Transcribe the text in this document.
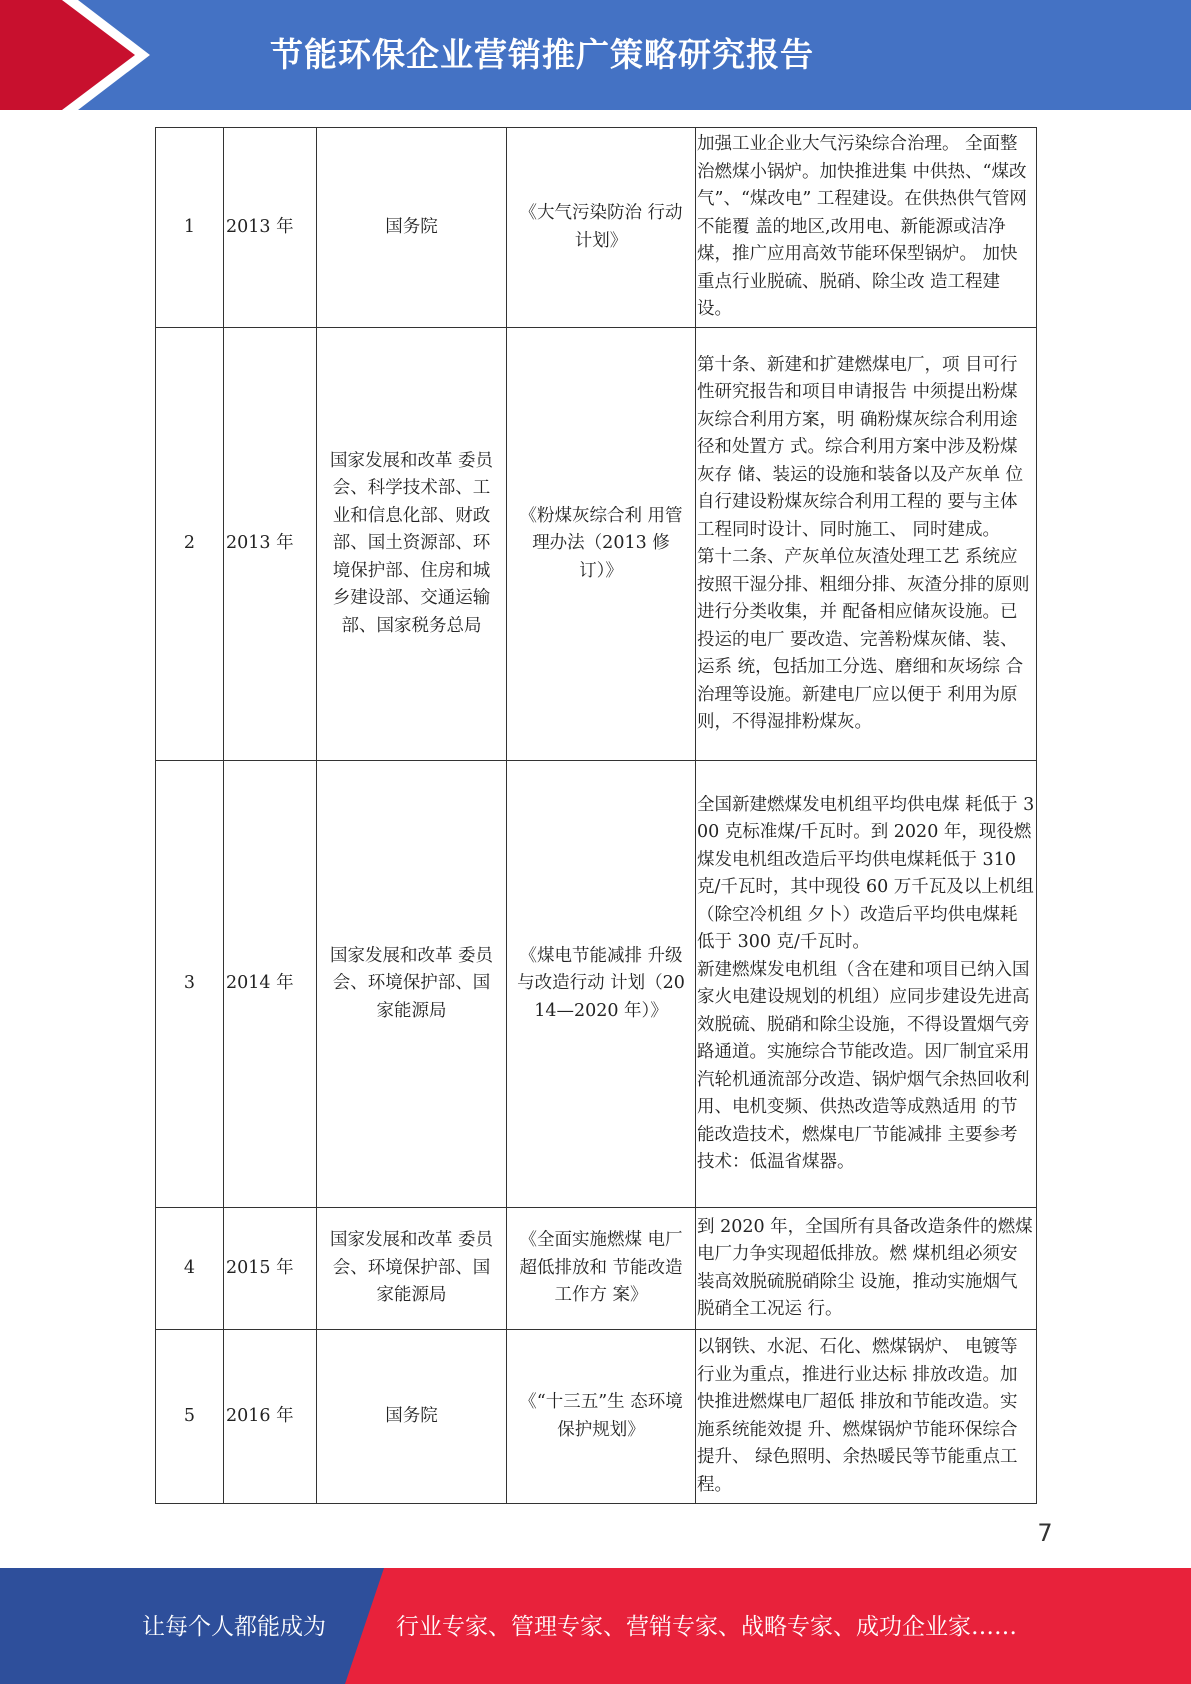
节能环保企业营销推广策略研究报告
1	2013 年	国务院	《大气污染防治 行动计划》	加强工业企业大气污染综合治理。 全面整治燃煤小锅炉。加快推进集 中供热、“煤改气”、“煤改电” 工程建设。在供热供气管网不能覆 盖的地区,改用电、新能源或洁净 煤，推广应用高效节能环保型锅炉。 加快重点行业脱硫、脱硝、除尘改 造工程建设。
2	2013 年	国家发展和改革 委员会、科学技术部、工业和信息化部、财政部、国土资源部、环境保护部、住房和城乡建设部、交通运输部、国家税务总局	《粉煤灰综合利 用管理办法（2013 修订）》	第十条、新建和扩建燃煤电厂，项 目可行性研究报告和项目申请报告 中须提出粉煤灰综合利用方案，明 确粉煤灰综合利用途径和处置方 式。综合利用方案中涉及粉煤灰存 储、装运的设施和装备以及产灰单 位自行建设粉煤灰综合利用工程的 要与主体工程同时设计、同时施工、 同时建成。
第十二条、产灰单位灰渣处理工艺 系统应按照干湿分排、粗细分排、灰渣分排的原则进行分类收集，并 配备相应储灰设施。已投运的电厂 要改造、完善粉煤灰储、装、运系 统，包括加工分选、磨细和灰场综 合治理等设施。新建电厂应以便于 利用为原则，不得湿排粉煤灰。
3	2014 年	国家发展和改革 委员会、环境保护部、国家能源局	《煤电节能减排 升级与改造行动 计划（2014—2020 年）》	全国新建燃煤发电机组平均供电煤 耗低于 300 克标准煤/千瓦时。到 2020 年，现役燃煤发电机组改造后平均供电煤耗低于 310 克/千瓦时，其中现役 60 万千瓦及以上机组（除空冷机组 夕卜）改造后平均供电煤耗低于 300 克/千瓦时。
新建燃煤发电机组（含在建和项目已纳入国家火电建设规划的机组）应同步建设先进高效脱硫、脱硝和除尘设施，不得设置烟气旁路通道。实施综合节能改造。因厂制宜采用汽轮机通流部分改造、锅炉烟气余热回收利 用、电机变频、供热改造等成熟适用 的节能改造技术，燃煤电厂节能减排 主要参考技术：低温省煤器。
4	2015 年	国家发展和改革 委员会、环境保护部、国家能源局	《全面实施燃煤 电厂超低排放和 节能改造工作方 案》	到 2020 年，全国所有具备改造条件的燃煤电厂力争实现超低排放。燃 煤机组必须安装高效脱硫脱硝除尘 设施，推动实施烟气脱硝全工况运 行。
5	2016 年	国务院	《“十三五”生 态环境保护规划》	以钢铁、水泥、石化、燃煤锅炉、 电镀等行业为重点，推进行业达标 排放改造。加快推进燃煤电厂超低 排放和节能改造。实施系统能效提 升、燃煤锅炉节能环保综合提升、 绿色照明、余热暖民等节能重点工 程。
7
让每个人都能成为	行业专家、管理专家、营销专家、战略专家、成功企业家……
